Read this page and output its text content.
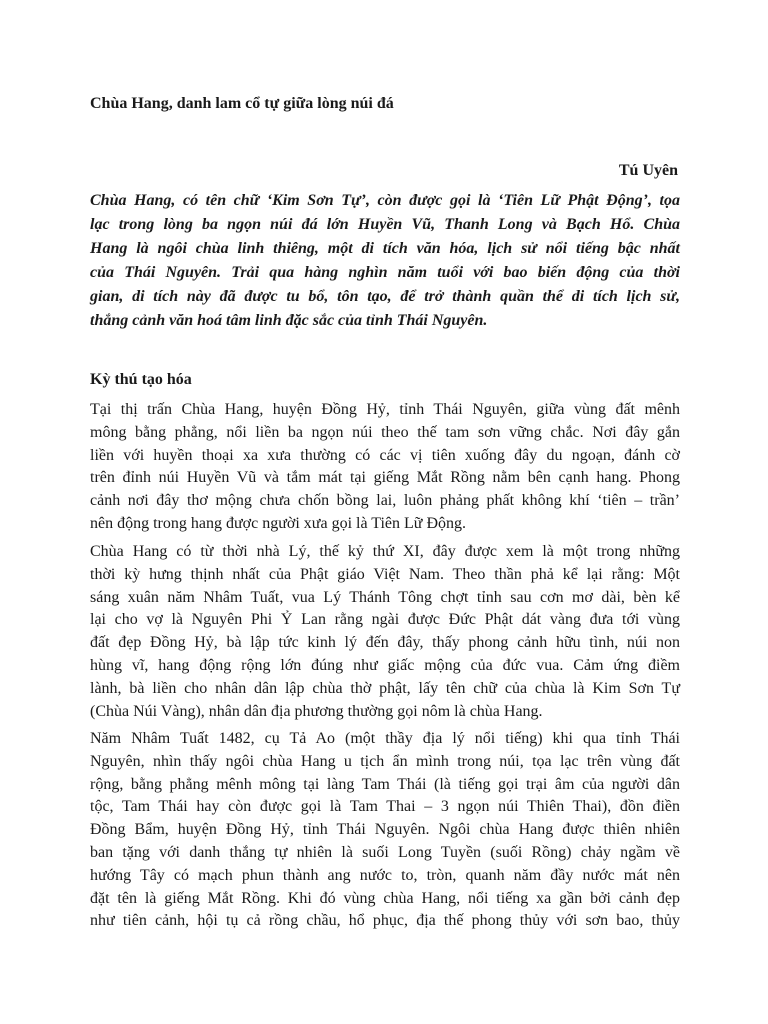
Chùa Hang, danh lam cổ tự giữa lòng núi đá

Tú Uyên

Chùa Hang, có tên chữ ‘Kim Sơn Tự’, còn được gọi là ‘Tiên Lữ Phật Động’, tọa
lạc trong lòng ba ngọn núi đá lớn Huyền Vũ, Thanh Long và Bạch Hổ. Chùa
Hang là ngôi chùa linh thiêng, một di tích văn hóa, lịch sử nổi tiếng bậc nhất
của Thái Nguyên. Trải qua hàng nghìn năm tuổi với bao biến động của thời
gian, di tích này đã được tu bổ, tôn tạo, để trở thành quần thể di tích lịch sử,
thắng cảnh văn hoá tâm linh đặc sắc của tỉnh Thái Nguyên.
Kỳ thú tạo hóa
Tại thị trấn Chùa Hang, huyện Đồng Hỷ, tỉnh Thái Nguyên, giữa vùng đất mênh
mông bằng phẳng, nổi liền ba ngọn núi theo thế tam sơn vững chắc. Nơi đây gắn
liền với huyền thoại xa xưa thường có các vị tiên xuống đây du ngoạn, đánh cờ
trên đỉnh núi Huyền Vũ và tắm mát tại giếng Mắt Rồng nằm bên cạnh hang. Phong
cảnh nơi đây thơ mộng chưa chốn bồng lai, luôn phảng phất không khí ‘tiên – trần’
nên động trong hang được người xưa gọi là Tiên Lữ Động.
Chùa Hang có từ thời nhà Lý, thế kỷ thứ XI, đây được xem là một trong những
thời kỳ hưng thịnh nhất của Phật giáo Việt Nam. Theo thần phả kể lại rằng: Một
sáng xuân năm Nhâm Tuất, vua Lý Thánh Tông chợt tỉnh sau cơn mơ dài, bèn kể
lại cho vợ là Nguyên Phi Ỷ Lan rằng ngài được Đức Phật dát vàng đưa tới vùng
đất đẹp Đồng Hỷ, bà lập tức kinh lý đến đây, thấy phong cảnh hữu tình, núi non
hùng vĩ, hang động rộng lớn đúng như giấc mộng của đức vua. Cảm ứng điềm
lành, bà liền cho nhân dân lập chùa thờ phật, lấy tên chữ của chùa là Kim Sơn Tự
(Chùa Núi Vàng), nhân dân địa phương thường gọi nôm là chùa Hang.
Năm Nhâm Tuất 1482, cụ Tả Ao (một thầy địa lý nổi tiếng) khi qua tỉnh Thái
Nguyên, nhìn thấy ngôi chùa Hang u tịch ẩn mình trong núi, tọa lạc trên vùng đất
rộng, bằng phẳng mênh mông tại làng Tam Thái (là tiếng gọi trại âm của người dân
tộc, Tam Thái hay còn được gọi là Tam Thai – 3 ngọn núi Thiên Thai), đồn điền
Đồng Bẩm, huyện Đồng Hỷ, tỉnh Thái Nguyên. Ngôi chùa Hang được thiên nhiên
ban tặng với danh thắng tự nhiên là suối Long Tuyền (suối Rồng) chảy ngầm về
hướng Tây có mạch phun thành ang nước to, tròn, quanh năm đầy nước mát nên
đặt tên là giếng Mắt Rồng. Khi đó vùng chùa Hang, nổi tiếng xa gần bởi cảnh đẹp
như tiên cảnh, hội tụ cả rồng chầu, hổ phục, địa thế phong thủy với sơn bao, thủy
